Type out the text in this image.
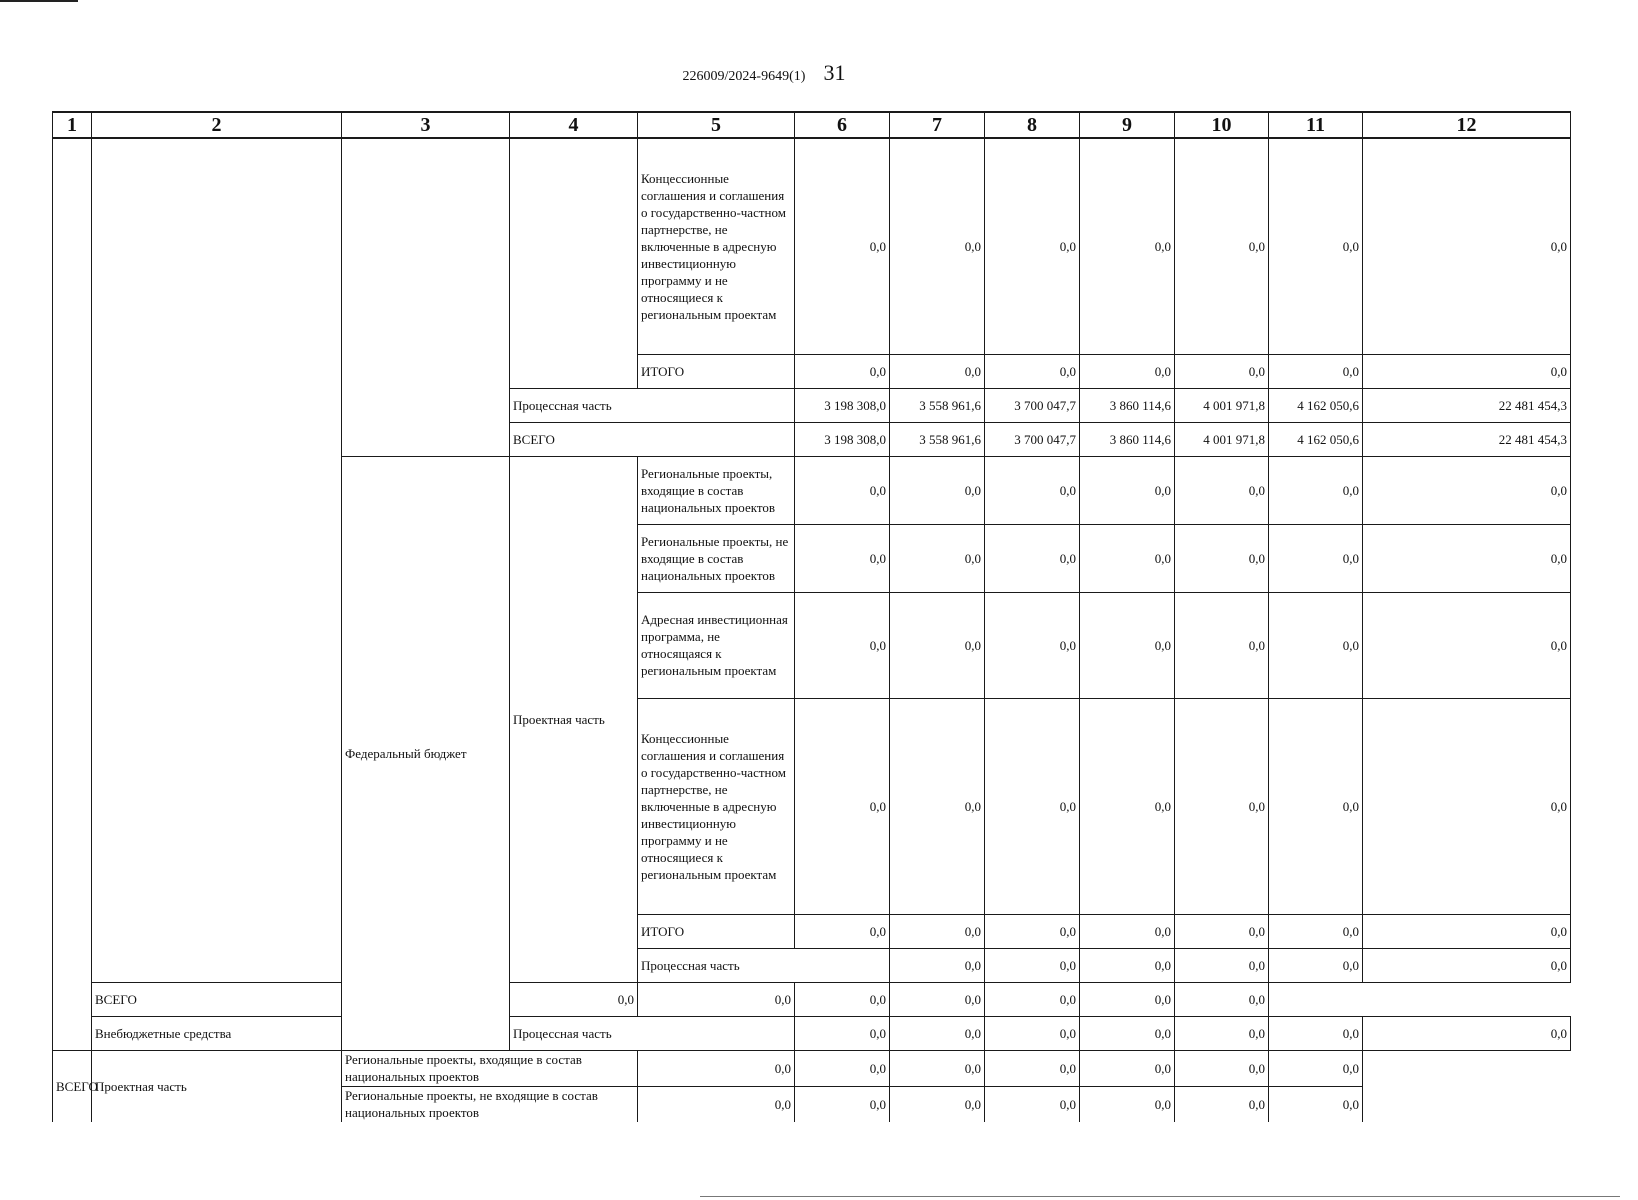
226009/2024-9649(1) 31
1	2	3	4	5	6	7	8	9	10	11	12	
				Концессионные соглашения и соглашения о государственно-частном партнерстве, не включенные в адресную инвестиционную программу и не относящиеся к региональным проектам	0,0	0,0	0,0	0,0	0,0	0,0	0,0	
				ИТОГО	0,0	0,0	0,0	0,0	0,0	0,0	0,0	
			Процессная часть		3 198 308,0	3 558 961,6	3 700 047,7	3 860 114,6	4 001 971,8	4 162 050,6	22 481 454,3	
			ВСЕГО		3 198 308,0	3 558 961,6	3 700 047,7	3 860 114,6	4 001 971,8	4 162 050,6	22 481 454,3	
		Федеральный бюджет	Проектная часть	Региональные проекты, входящие в состав национальных проектов	0,0	0,0	0,0	0,0	0,0	0,0	0,0	
				Региональные проекты, не входящие в состав национальных проектов	0,0	0,0	0,0	0,0	0,0	0,0	0,0	
				Адресная инвестиционная программа, не относящаяся к региональным проектам	0,0	0,0	0,0	0,0	0,0	0,0	0,0	
				Концессионные соглашения и соглашения о государственно-частном партнерстве, не включенные в адресную инвестиционную программу и не относящиеся к региональным проектам	0,0	0,0	0,0	0,0	0,0	0,0	0,0	
				ИТОГО	0,0	0,0	0,0	0,0	0,0	0,0	0,0	
				Процессная часть		0,0	0,0	0,0	0,0	0,0	0,0	
	ВСЕГО		0,0	0,0	0,0	0,0	0,0	0,0	0,0			
	Внебюджетные средства		Процессная часть		0,0	0,0	0,0	0,0	0,0	0,0	0,0	
ВСЕГО	Проектная часть	Региональные проекты, входящие в состав национальных проектов		0,0	0,0	0,0	0,0	0,0	0,0	0,0		
		Региональные проекты, не входящие в состав национальных проектов		0,0	0,0	0,0	0,0	0,0	0,0	0,0		
